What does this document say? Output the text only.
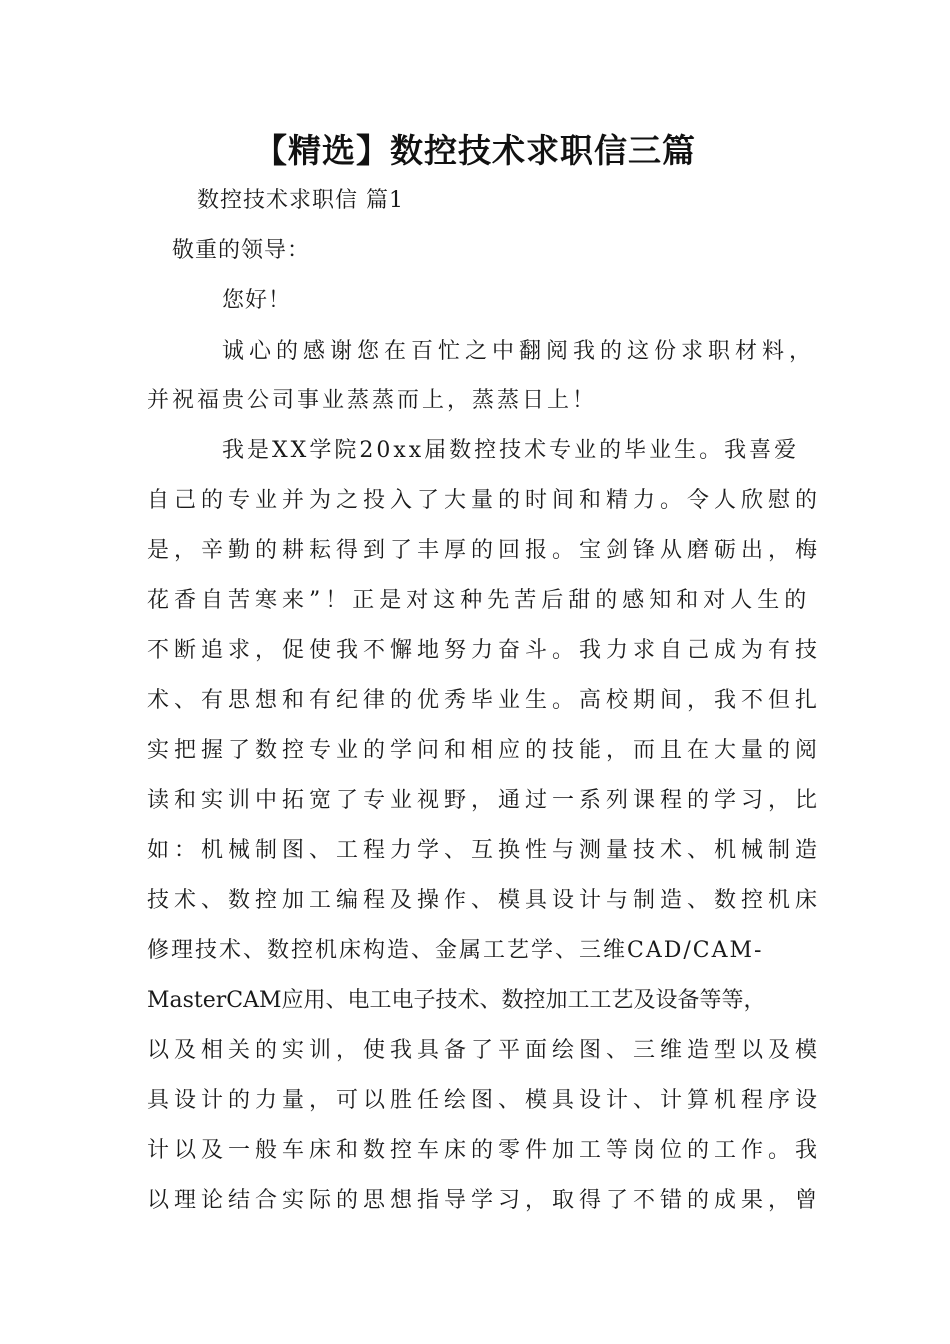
【精选】数控技术求职信三篇
数控技术求职信 篇1
敬重的领导：
您好！
诚心的感谢您在百忙之中翻阅我的这份求职材料，
并祝福贵公司事业蒸蒸而上，蒸蒸日上！
我是XX学院20xx届数控技术专业的毕业生。我喜爱
自己的专业并为之投入了大量的时间和精力。令人欣慰的
是，辛勤的耕耘得到了丰厚的回报。宝剑锋从磨砺出，梅
花香自苦寒来”！正是对这种先苦后甜的感知和对人生的
不断追求，促使我不懈地努力奋斗。我力求自己成为有技
术、有思想和有纪律的优秀毕业生。高校期间，我不但扎
实把握了数控专业的学问和相应的技能，而且在大量的阅
读和实训中拓宽了专业视野，通过一系列课程的学习，比
如：机械制图、工程力学、互换性与测量技术、机械制造
技术、数控加工编程及操作、模具设计与制造、数控机床
修理技术、数控机床构造、金属工艺学、三维CAD/CAM-
MasterCAM应用、电工电子技术、数控加工工艺及设备等等，
以及相关的实训，使我具备了平面绘图、三维造型以及模
具设计的力量，可以胜任绘图、模具设计、计算机程序设
计以及一般车床和数控车床的零件加工等岗位的工作。我
以理论结合实际的思想指导学习，取得了不错的成果，曾
